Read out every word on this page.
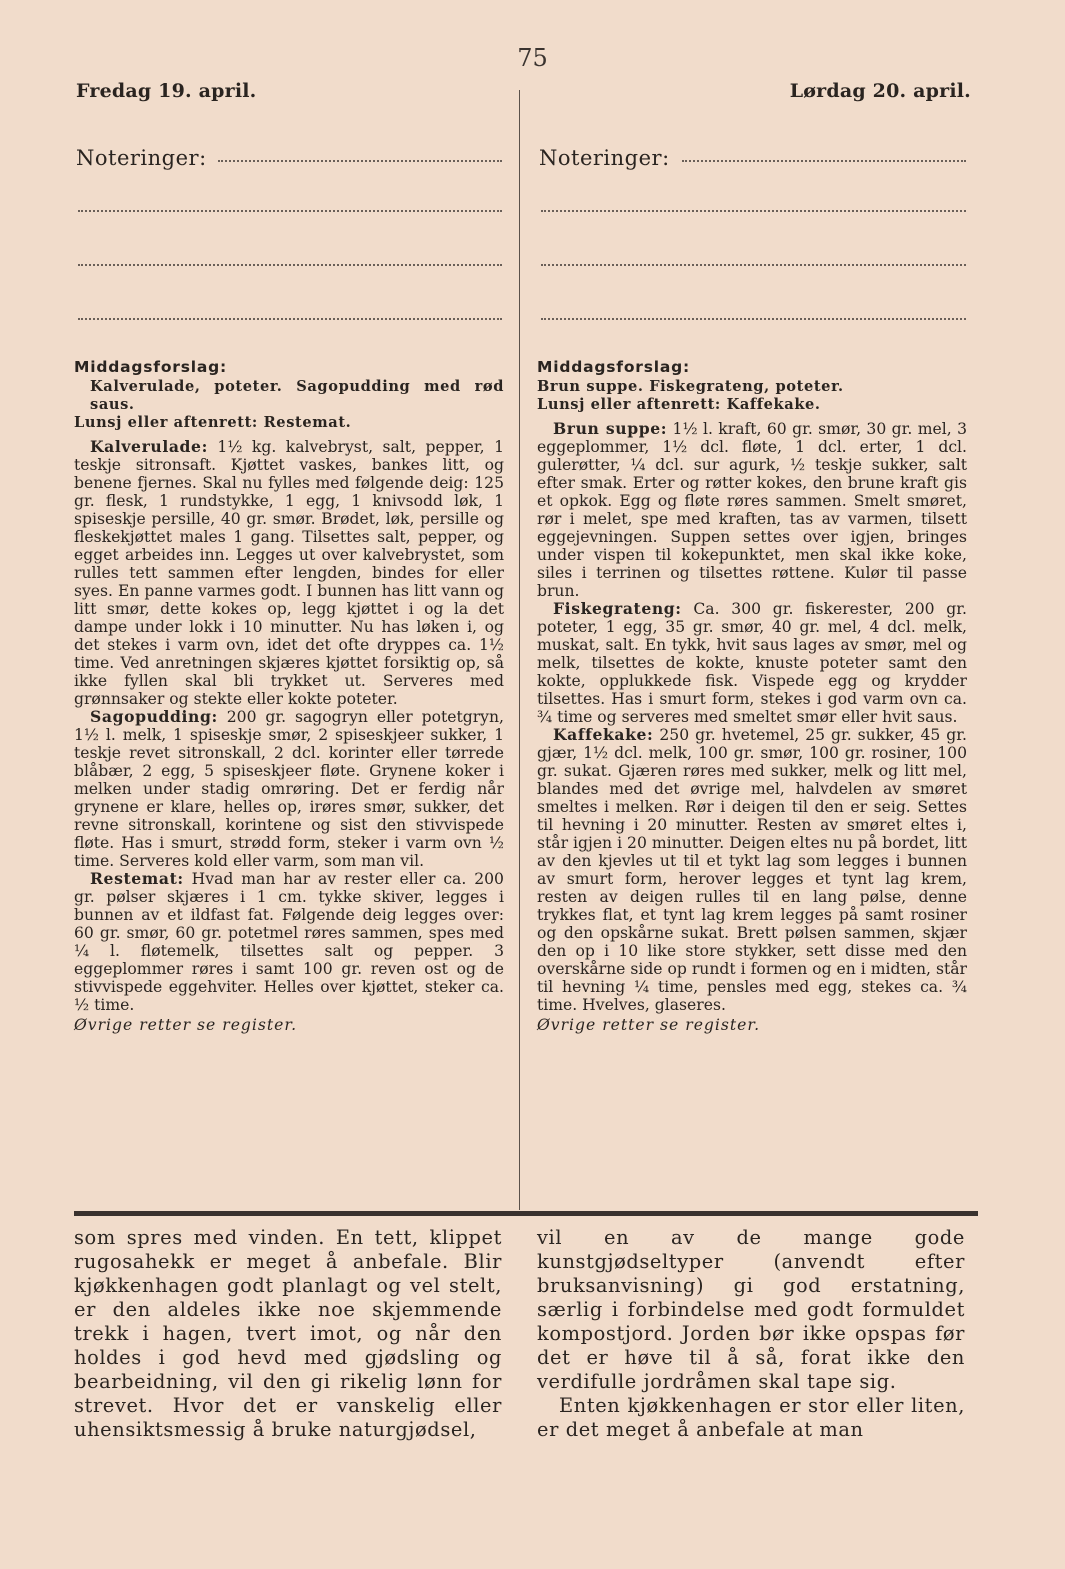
75
Fredag 19. april.	Lørdag 20. april.
Noteringer:	Noteringer:
Middagsforslag:
Kalverulade, poteter. Sagopudding med rød saus.
Lunsj eller aftenrett: Restemat.

Kalverulade: 1½ kg. kalvebryst, salt, pepper, 1 teskje sitronsaft. Kjøttet vaskes, bankes litt, og benene fjernes. Skal nu fylles med følgende deig: 125 gr. flesk, 1 rundstykke, 1 egg, 1 knivsodd løk, 1 spiseskje persille, 40 gr. smør. Brødet, løk, persille og fleskekjøttet males 1 gang. Tilsettes salt, pepper, og egget arbeides inn. Legges ut over kalvebrystet, som rulles tett sammen efter lengden, bindes for eller syes. En panne varmes godt. I bunnen has litt vann og litt smør, dette kokes op, legg kjøttet i og la det dampe under lokk i 10 minutter. Nu has løken i, og det stekes i varm ovn, idet det ofte dryppes ca. 1½ time. Ved anretningen skjæres kjøttet forsiktig op, så ikke fyllen skal bli trykket ut. Serveres med grønnsaker og stekte eller kokte poteter.

Sagopudding: 200 gr. sagogryn eller potetgryn, 1½ l. melk, 1 spiseskje smør, 2 spiseskjeer sukker, 1 teskje revet sitronskall, 2 dcl. korinter eller tørrede blåbær, 2 egg, 5 spiseskjeer fløte. Grynene koker i melken under stadig omrøring. Det er ferdig når grynene er klare, helles op, irøres smør, sukker, det revne sitronskall, korintene og sist den stivvispede fløte. Has i smurt, strødd form, steker i varm ovn ½ time. Serveres kold eller varm, som man vil.

Restemat: Hvad man har av rester eller ca. 200 gr. pølser skjæres i 1 cm. tykke skiver, legges i bunnen av et ildfast fat. Følgende deig legges over: 60 gr. smør, 60 gr. potetmel røres sammen, spes med ¼ l. fløtemelk, tilsettes salt og pepper. 3 eggeplommer røres i samt 100 gr. reven ost og de stivvispede eggehviter. Helles over kjøttet, steker ca. ½ time.

Øvrige retter se register.
Middagsforslag:
Brun suppe. Fiskegrateng, poteter.
Lunsj eller aftenrett: Kaffekake.

Brun suppe: 1½ l. kraft, 60 gr. smør, 30 gr. mel, 3 eggeplommer, 1½ dcl. fløte, 1 dcl. erter, 1 dcl. gulerøtter, ¼ dcl. sur agurk, ½ teskje sukker, salt efter smak. Erter og røtter kokes, den brune kraft gis et opkok. Egg og fløte røres sammen. Smelt smøret, rør i melet, spe med kraften, tas av varmen, tilsett eggejevningen. Suppen settes over igjen, bringes under vispen til kokepunktet, men skal ikke koke, siles i terrinen og tilsettes røttene. Kulør til passe brun.

Fiskegrateng: Ca. 300 gr. fiskerester, 200 gr. poteter, 1 egg, 35 gr. smør, 40 gr. mel, 4 dcl. melk, muskat, salt. En tykk, hvit saus lages av smør, mel og melk, tilsettes de kokte, knuste poteter samt den kokte, opplukkede fisk. Vispede egg og krydder tilsettes. Has i smurt form, stekes i god varm ovn ca. ¾ time og serveres med smeltet smør eller hvit saus.

Kaffekake: 250 gr. hvetemel, 25 gr. sukker, 45 gr. gjær, 1½ dcl. melk, 100 gr. smør, 100 gr. rosiner, 100 gr. sukat. Gjæren røres med sukker, melk og litt mel, blandes med det øvrige mel, halvdelen av smøret smeltes i melken. Rør i deigen til den er seig. Settes til hevning i 20 minutter. Resten av smøret eltes i, står igjen i 20 minutter. Deigen eltes nu på bordet, litt av den kjevles ut til et tykt lag som legges i bunnen av smurt form, herover legges et tynt lag krem, resten av deigen rulles til en lang pølse, denne trykkes flat, et tynt lag krem legges på samt rosiner og den opskårne sukat. Brett pølsen sammen, skjær den op i 10 like store stykker, sett disse med den overskårne side op rundt i formen og en i midten, står til hevning ¼ time, pensles med egg, stekes ca. ¾ time. Hvelves, glaseres.

Øvrige retter se register.

som spres med vinden. En tett, klippet rugosahekk er meget å anbefale. Blir kjøkkenhagen godt planlagt og vel stelt, er den aldeles ikke noe skjemmende trekk i hagen, tvert imot, og når den holdes i god hevd med gjødsling og bearbeidning, vil den gi rikelig lønn for strevet. Hvor det er vanskelig eller uhensiktsmessig å bruke naturgjødsel,

vil en av de mange gode kunstgjødseltyper (anvendt efter bruksanvisning) gi god erstatning, særlig i forbindelse med godt formuldet kompostjord. Jorden bør ikke opspas før det er høve til å så, forat ikke den verdifulle jordråmen skal tape sig.

Enten kjøkkenhagen er stor eller liten, er det meget å anbefale at man
